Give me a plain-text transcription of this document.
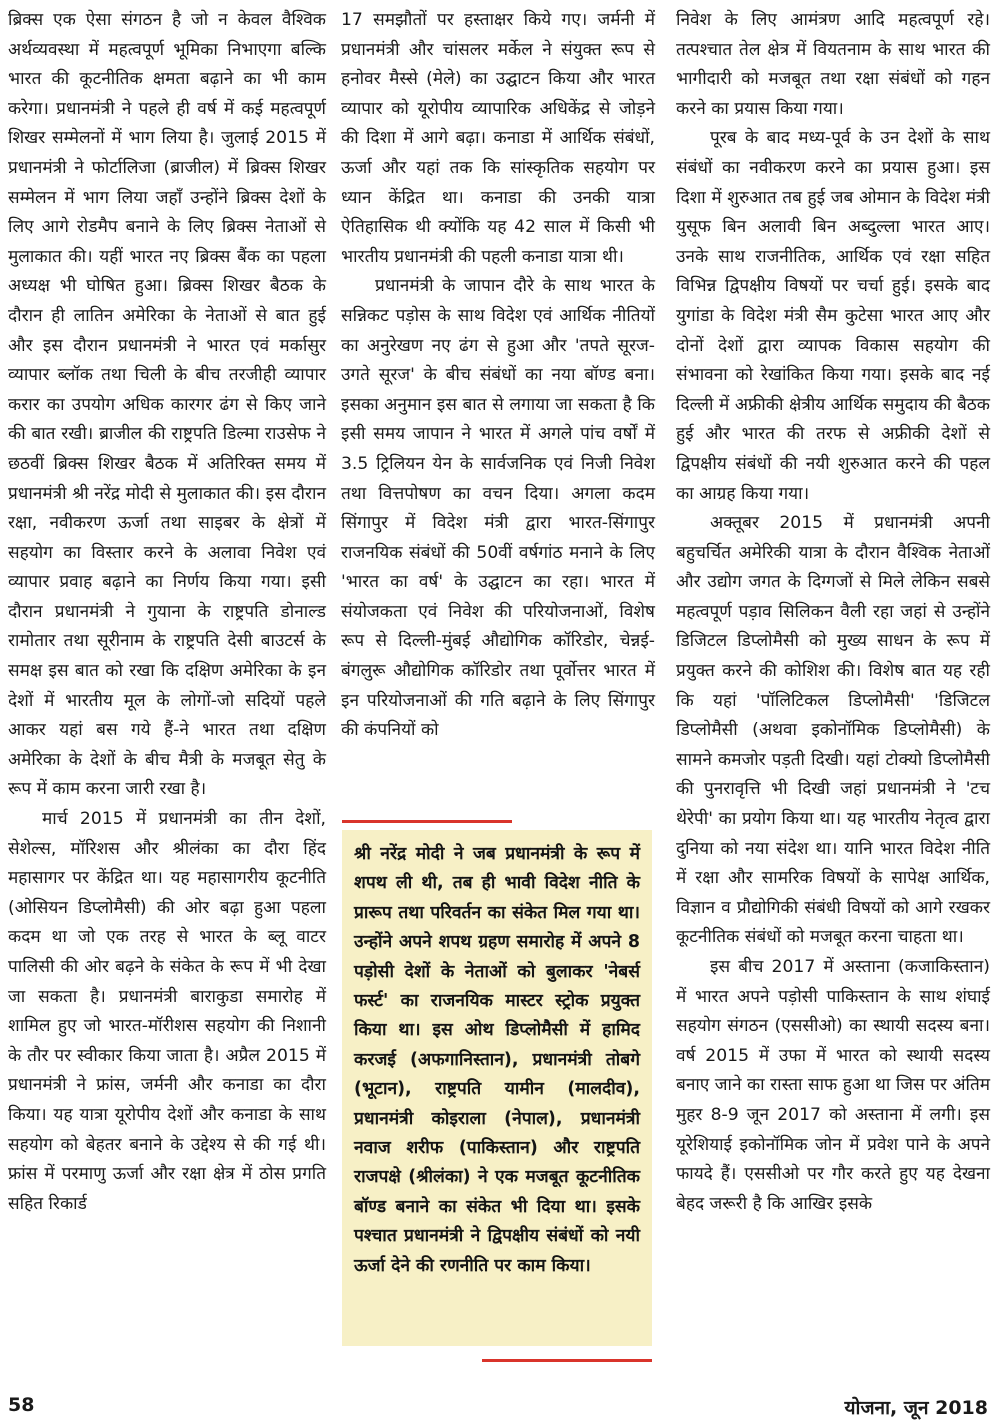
ब्रिक्स एक ऐसा संगठन है जो न केवल वैश्विक अर्थव्यवस्था में महत्वपूर्ण भूमिका निभाएगा बल्कि भारत की कूटनीतिक क्षमता बढ़ाने का भी काम करेगा। प्रधानमंत्री ने पहले ही वर्ष में कई महत्वपूर्ण शिखर सम्मेलनों में भाग लिया है। जुलाई 2015 में प्रधानमंत्री ने फोर्टालिजा (ब्राजील) में ब्रिक्स शिखर सम्मेलन में भाग लिया जहाँ उन्होंने ब्रिक्स देशों के लिए आगे रोडमैप बनाने के लिए ब्रिक्स नेताओं से मुलाकात की। यहीं भारत नए ब्रिक्स बैंक का पहला अध्यक्ष भी घोषित हुआ। ब्रिक्स शिखर बैठक के दौरान ही लातिन अमेरिका के नेताओं से बात हुई और इस दौरान प्रधानमंत्री ने भारत एवं मर्कासुर व्यापार ब्लॉक तथा चिली के बीच तरजीही व्यापार करार का उपयोग अधिक कारगर ढंग से किए जाने की बात रखी। ब्राजील की राष्ट्रपति डिल्मा राउसेफ ने छठवीं ब्रिक्स शिखर बैठक में अतिरिक्त समय में प्रधानमंत्री श्री नरेंद्र मोदी से मुलाकात की। इस दौरान रक्षा, नवीकरण ऊर्जा तथा साइबर के क्षेत्रों में सहयोग का विस्तार करने के अलावा निवेश एवं व्यापार प्रवाह बढ़ाने का निर्णय किया गया। इसी दौरान प्रधानमंत्री ने गुयाना के राष्ट्रपति डोनाल्ड रामोतार तथा सूरीनाम के राष्ट्रपति देसी बाउटर्स के समक्ष इस बात को रखा कि दक्षिण अमेरिका के इन देशों में भारतीय मूल के लोगों-जो सदियों पहले आकर यहां बस गये हैं-ने भारत तथा दक्षिण अमेरिका के देशों के बीच मैत्री के मजबूत सेतु के रूप में काम करना जारी रखा है।

मार्च 2015 में प्रधानमंत्री का तीन देशों, सेशेल्स, मॉरिशस और श्रीलंका का दौरा हिंद महासागर पर केंद्रित था। यह महासागरीय कूटनीति (ओसियन डिप्लोमैसी) की ओर बढ़ा हुआ पहला कदम था जो एक तरह से भारत के ब्लू वाटर पालिसी की ओर बढ़ने के संकेत के रूप में भी देखा जा सकता है। प्रधानमंत्री बाराकुडा समारोह में शामिल हुए जो भारत-मॉरीशस सहयोग की निशानी के तौर पर स्वीकार किया जाता है। अप्रैल 2015 में प्रधानमंत्री ने फ्रांस, जर्मनी और कनाडा का दौरा किया। यह यात्रा यूरोपीय देशों और कनाडा के साथ सहयोग को बेहतर बनाने के उद्देश्य से की गई थी। फ्रांस में परमाणु ऊर्जा और रक्षा क्षेत्र में ठोस प्रगति सहित रिकार्ड

17 समझौतों पर हस्ताक्षर किये गए। जर्मनी में प्रधानमंत्री और चांसलर मर्केल ने संयुक्त रूप से हनोवर मैस्से (मेले) का उद्घाटन किया और भारत व्यापार को यूरोपीय व्यापारिक अधिकेंद्र से जोड़ने की दिशा में आगे बढ़ा। कनाडा में आर्थिक संबंधों, ऊर्जा और यहां तक कि सांस्कृतिक सहयोग पर ध्यान केंद्रित था। कनाडा की उनकी यात्रा ऐतिहासिक थी क्योंकि यह 42 साल में किसी भी भारतीय प्रधानमंत्री की पहली कनाडा यात्रा थी।

प्रधानमंत्री के जापान दौरे के साथ भारत के सन्निकट पड़ोस के साथ विदेश एवं आर्थिक नीतियों का अनुरेखण नए ढंग से हुआ और 'तपते सूरज-उगते सूरज' के बीच संबंधों का नया बॉण्ड बना। इसका अनुमान इस बात से लगाया जा सकता है कि इसी समय जापान ने भारत में अगले पांच वर्षों में 3.5 ट्रिलियन येन के सार्वजनिक एवं निजी निवेश तथा वित्तपोषण का वचन दिया। अगला कदम सिंगापुर में विदेश मंत्री द्वारा भारत-सिंगापुर राजनयिक संबंधों की 50वीं वर्षगांठ मनाने के लिए 'भारत का वर्ष' के उद्घाटन का रहा। भारत में संयोजकता एवं निवेश की परियोजनाओं, विशेष रूप से दिल्ली-मुंबई औद्योगिक कॉरिडोर, चेन्नई-बंगलुरू औद्योगिक कॉरिडोर तथा पूर्वोत्तर भारत में इन परियोजनाओं की गति बढ़ाने के लिए सिंगापुर की कंपनियों को

श्री नरेंद्र मोदी ने जब प्रधानमंत्री के रूप में शपथ ली थी, तब ही भावी विदेश नीति के प्रारूप तथा परिवर्तन का संकेत मिल गया था। उन्होंने अपने शपथ ग्रहण समारोह में अपने 8 पड़ोसी देशों के नेताओं को बुलाकर 'नेबर्स फर्स्ट' का राजनयिक मास्टर स्ट्रोक प्रयुक्त किया था। इस ओथ डिप्लोमैसी में हामिद करजई (अफगानिस्तान), प्रधानमंत्री तोबगे (भूटान), राष्ट्रपति यामीन (मालदीव), प्रधानमंत्री कोइराला (नेपाल), प्रधानमंत्री नवाज शरीफ (पाकिस्तान) और राष्ट्रपति राजपक्षे (श्रीलंका) ने एक मजबूत कूटनीतिक बॉण्ड बनाने का संकेत भी दिया था। इसके पश्चात प्रधानमंत्री ने द्विपक्षीय संबंधों को नयी ऊर्जा देने की रणनीति पर काम किया।

निवेश के लिए आमंत्रण आदि महत्वपूर्ण रहे। तत्पश्चात तेल क्षेत्र में वियतनाम के साथ भारत की भागीदारी को मजबूत तथा रक्षा संबंधों को गहन करने का प्रयास किया गया।

पूरब के बाद मध्य-पूर्व के उन देशों के साथ संबंधों का नवीकरण करने का प्रयास हुआ। इस दिशा में शुरुआत तब हुई जब ओमान के विदेश मंत्री युसूफ बिन अलावी बिन अब्दुल्ला भारत आए। उनके साथ राजनीतिक, आर्थिक एवं रक्षा सहित विभिन्न द्विपक्षीय विषयों पर चर्चा हुई। इसके बाद युगांडा के विदेश मंत्री सैम कुटेसा भारत आए और दोनों देशों द्वारा व्यापक विकास सहयोग की संभावना को रेखांकित किया गया। इसके बाद नई दिल्ली में अफ्रीकी क्षेत्रीय आर्थिक समुदाय की बैठक हुई और भारत की तरफ से अफ्रीकी देशों से द्विपक्षीय संबंधों की नयी शुरुआत करने की पहल का आग्रह किया गया।

अक्तूबर 2015 में प्रधानमंत्री अपनी बहुचर्चित अमेरिकी यात्रा के दौरान वैश्विक नेताओं और उद्योग जगत के दिग्गजों से मिले लेकिन सबसे महत्वपूर्ण पड़ाव सिलिकन वैली रहा जहां से उन्होंने डिजिटल डिप्लोमैसी को मुख्य साधन के रूप में प्रयुक्त करने की कोशिश की। विशेष बात यह रही कि यहां 'पॉलिटिकल डिप्लोमैसी' 'डिजिटल डिप्लोमैसी (अथवा इकोनॉमिक डिप्लोमैसी) के सामने कमजोर पड़ती दिखी। यहां टोक्यो डिप्लोमैसी की पुनरावृत्ति भी दिखी जहां प्रधानमंत्री ने 'टच थेरेपी' का प्रयोग किया था। यह भारतीय नेतृत्व द्वारा दुनिया को नया संदेश था। यानि भारत विदेश नीति में रक्षा और सामरिक विषयों के सापेक्ष आर्थिक, विज्ञान व प्रौद्योगिकी संबंधी विषयों को आगे रखकर कूटनीतिक संबंधों को मजबूत करना चाहता था।

इस बीच 2017 में अस्ताना (कजाकिस्तान) में भारत अपने पड़ोसी पाकिस्तान के साथ शंघाई सहयोग संगठन (एससीओ) का स्थायी सदस्य बना। वर्ष 2015 में उफा में भारत को स्थायी सदस्य बनाए जाने का रास्ता साफ हुआ था जिस पर अंतिम मुहर 8-9 जून 2017 को अस्ताना में लगी। इस यूरेशियाई इकोनॉमिक जोन में प्रवेश पाने के अपने फायदे हैं। एससीओ पर गौर करते हुए यह देखना बेहद जरूरी है कि आखिर इसके

58	योजना, जून 2018
